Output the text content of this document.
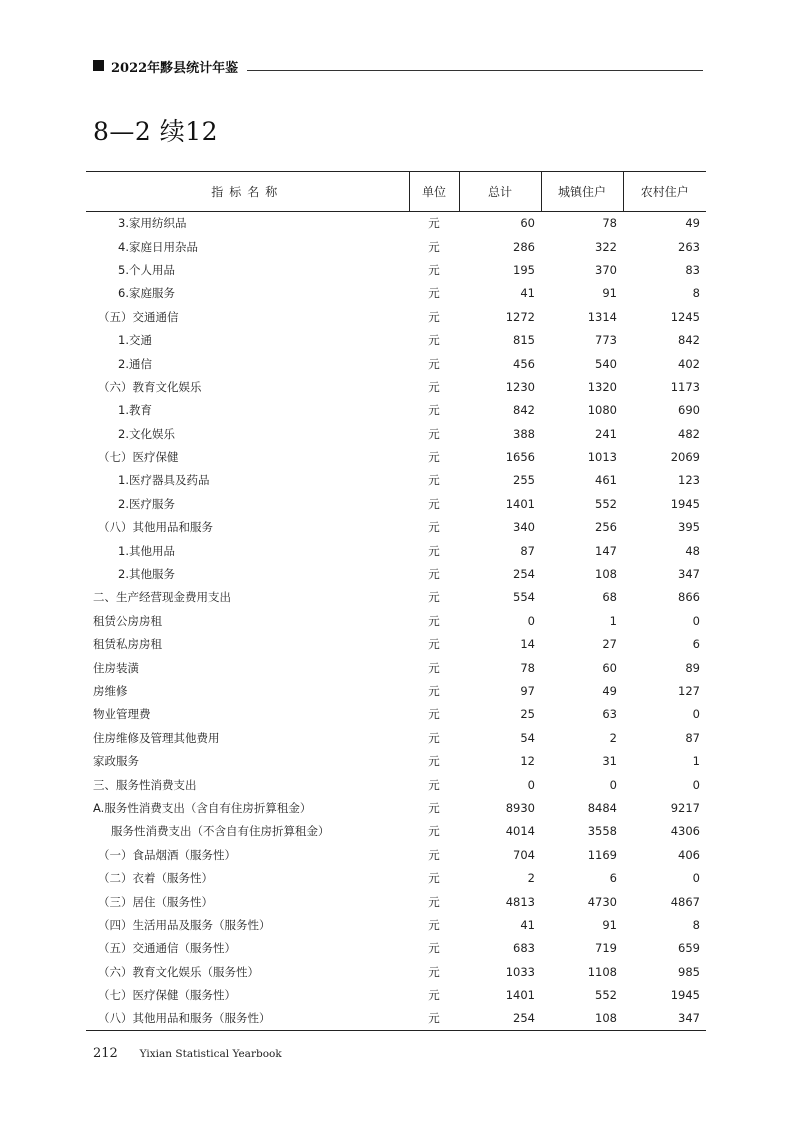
2022年黟县统计年鉴
8—2 续12
指标名称	单位	总计	城镇住户	农村住户
3.家用纺织品	元	60	78	49
4.家庭日用杂品	元	286	322	263
5.个人用品	元	195	370	83
6.家庭服务	元	41	91	8
（五）交通通信	元	1272	1314	1245
1.交通	元	815	773	842
2.通信	元	456	540	402
（六）教育文化娱乐	元	1230	1320	1173
1.教育	元	842	1080	690
2.文化娱乐	元	388	241	482
（七）医疗保健	元	1656	1013	2069
1.医疗器具及药品	元	255	461	123
2.医疗服务	元	1401	552	1945
（八）其他用品和服务	元	340	256	395
1.其他用品	元	87	147	48
2.其他服务	元	254	108	347
二、生产经营现金费用支出	元	554	68	866
租赁公房房租	元	0	1	0
租赁私房房租	元	14	27	6
住房装潢	元	78	60	89
房维修	元	97	49	127
物业管理费	元	25	63	0
住房维修及管理其他费用	元	54	2	87
家政服务	元	12	31	1
三、服务性消费支出	元	0	0	0
A.服务性消费支出（含自有住房折算租金）	元	8930	8484	9217
服务性消费支出（不含自有住房折算租金）	元	4014	3558	4306
（一）食品烟酒（服务性）	元	704	1169	406
（二）衣着（服务性）	元	2	6	0
（三）居住（服务性）	元	4813	4730	4867
（四）生活用品及服务（服务性）	元	41	91	8
（五）交通通信（服务性）	元	683	719	659
（六）教育文化娱乐（服务性）	元	1033	1108	985
（七）医疗保健（服务性）	元	1401	552	1945
（八）其他用品和服务（服务性）	元	254	108	347
212 Yixian Statistical Yearbook
